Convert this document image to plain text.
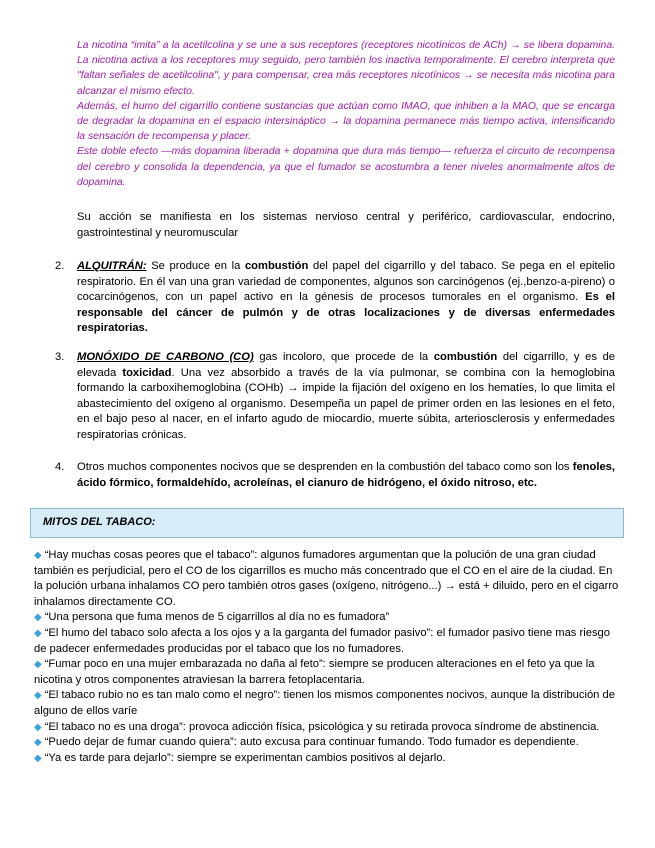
La nicotina “imita” a la acetilcolina y se une a sus receptores (receptores nicotínicos de ACh) → se libera dopamina. La nicotina activa a los receptores muy seguido, pero también los inactiva temporalmente. El cerebro interpreta que "faltan señales de acetilcolina", y para compensar, crea más receptores nicotínicos → se necesita más nicotina para alcanzar el mismo efecto.

Además, el humo del cigarrillo contiene sustancias que actúan como IMAO, que inhiben a la MAO, que se encarga de degradar la dopamina en el espacio intersináptico → la dopamina permanece más tiempo activa, intensificando la sensación de recompensa y placer.

Este doble efecto —más dopamina liberada + dopamina que dura más tiempo— refuerza el circuito de recompensa del cerebro y consolida la dependencia, ya que el fumador se acostumbra a tener niveles anormalmente altos de dopamina.

Su acción se manifiesta en los sistemas nervioso central y periférico, cardiovascular, endocrino, gastrointestinal y neuromuscular
2.	ALQUITRÁN: Se produce en la combustión del papel del cigarrillo y del tabaco. Se pega en el epitelio respiratorio. En él van una gran variedad de componentes, algunos son carcinógenos (ej.,benzo-a-pireno) o cocarcinógenos, con un papel activo en la génesis de procesos tumorales en el organismo. Es el responsable del cáncer de pulmón y de otras localizaciones y de diversas enfermedades respiratorias.
3.	MONÓXIDO DE CARBONO (CO) gas incoloro, que procede de la combustión del cigarrillo, y es de elevada toxicidad. Una vez absorbido a través de la vía pulmonar, se combina con la hemoglobina formando la carboxihemoglobina (COHb) → impide la fijación del oxígeno en los hematíes, lo que limita el abastecimiento del oxígeno al organismo. Desempeña un papel de primer orden en las lesiones en el feto, en el bajo peso al nacer, en el infarto agudo de miocardio, muerte súbita, arteriosclerosis y enfermedades respiratorias crónicas.
4.	Otros muchos componentes nocivos que se desprenden en la combustión del tabaco como son los fenoles, ácido fórmico, formaldehído, acroleínas, el cianuro de hidrógeno, el óxido nitroso, etc.
MITOS DEL TABACO:

◆ “Hay muchas cosas peores que el tabaco”: algunos fumadores argumentan que la polución de una gran ciudad también es perjudicial, pero el CO de los cigarrillos es mucho más concentrado que el CO en el aire de la ciudad. En la polución urbana inhalamos CO pero también otros gases (oxígeno, nitrógeno...) → está + diluido, pero en el cigarro inhalamos directamente CO.

◆ “Una persona que fuma menos de 5 cigarrillos al día no es fumadora”

◆ “El humo del tabaco solo afecta a los ojos y a la garganta del fumador pasivo”: el fumador pasivo tiene mas riesgo de padecer enfermedades producidas por el tabaco que los no fumadores.

◆ “Fumar poco en una mujer embarazada no daña al feto”: siempre se producen alteraciones en el feto ya que la nicotina y otros componentes atraviesan la barrera fetoplacentaria.

◆ “El tabaco rubio no es tan malo como el negro”: tienen los mismos componentes nocivos, aunque la distribución de alguno de ellos varíe

◆ “El tabaco no es una droga”: provoca adicción física, psicológica y su retirada provoca síndrome de abstinencia.

◆ “Puedo dejar de fumar cuando quiera”: auto excusa para continuar fumando. Todo fumador es dependiente.

◆ “Ya es tarde para dejarlo”: siempre se experimentan cambios positivos al dejarlo.
